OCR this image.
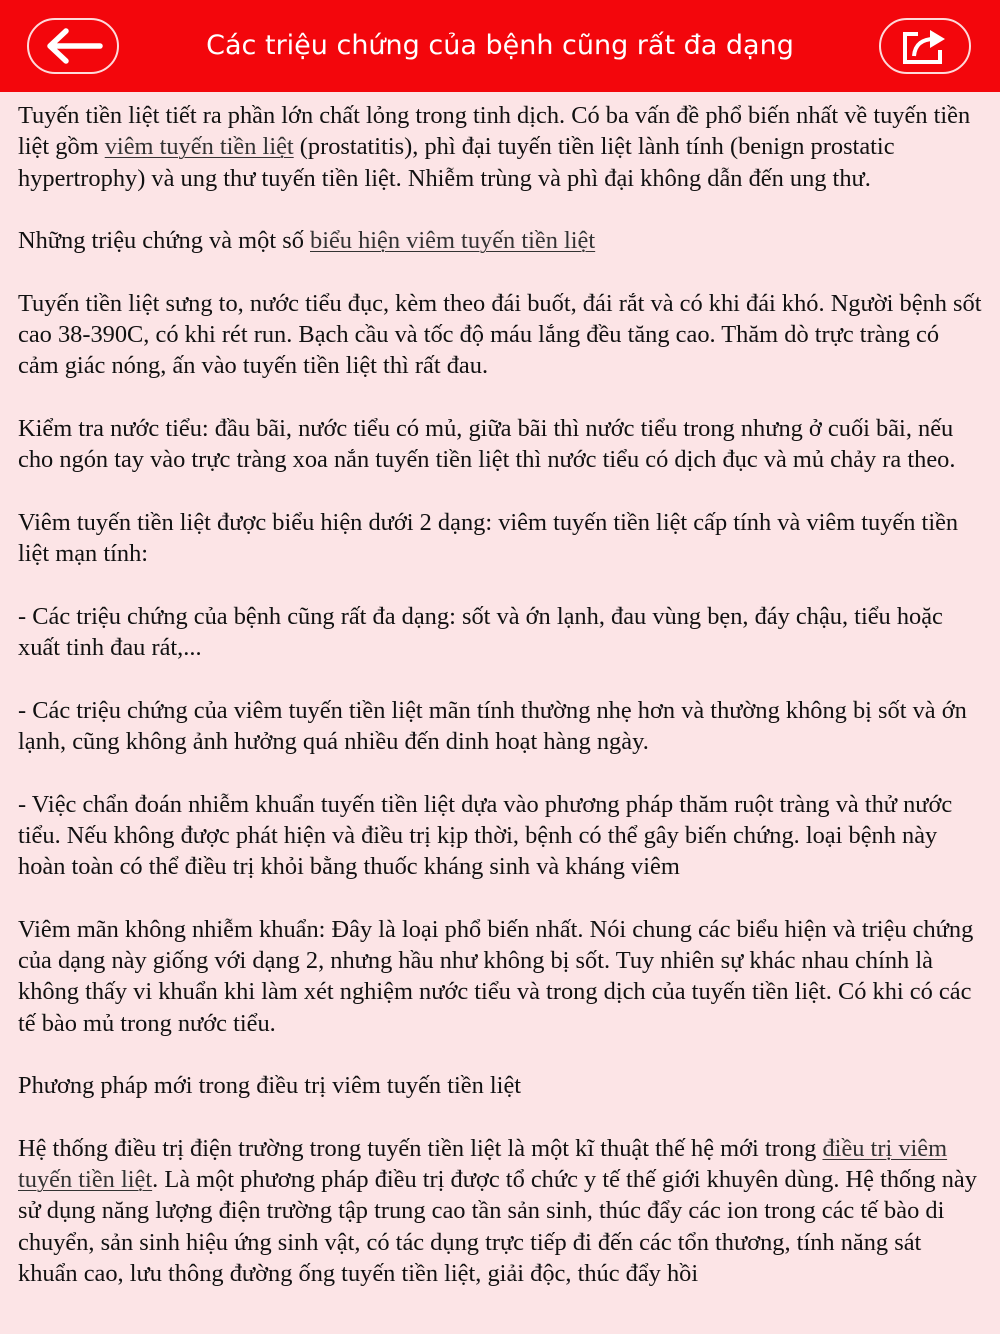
Các triệu chứng của bệnh cũng rất đa dạng

Tuyến tiền liệt tiết ra phần lớn chất lỏng trong tinh dịch. Có ba vấn đề phổ biến nhất về tuyến tiền liệt gồm viêm tuyến tiền liệt (prostatitis), phì đại tuyến tiền liệt lành tính (benign prostatic hypertrophy) và ung thư tuyến tiền liệt. Nhiễm trùng và phì đại không dẫn đến ung thư.

Những triệu chứng và một số biểu hiện viêm tuyến tiền liệt

Tuyến tiền liệt sưng to, nước tiểu đục, kèm theo đái buốt, đái rắt và có khi đái khó. Người bệnh sốt cao 38-390C, có khi rét run. Bạch cầu và tốc độ máu lắng đều tăng cao. Thăm dò trực tràng có cảm giác nóng, ấn vào tuyến tiền liệt thì rất đau.

Kiểm tra nước tiểu: đầu bãi, nước tiểu có mủ, giữa bãi thì nước tiểu trong nhưng ở cuối bãi, nếu cho ngón tay vào trực tràng xoa nắn tuyến tiền liệt thì nước tiểu có dịch đục và mủ chảy ra theo.

Viêm tuyến tiền liệt được biểu hiện dưới 2 dạng: viêm tuyến tiền liệt cấp tính và viêm tuyến tiền liệt mạn tính:

- Các triệu chứng của bệnh cũng rất đa dạng: sốt và ớn lạnh, đau vùng bẹn, đáy chậu, tiểu hoặc xuất tinh đau rát,...

- Các triệu chứng của viêm tuyến tiền liệt mãn tính thường nhẹ hơn và thường không bị sốt và ớn lạnh, cũng không ảnh hưởng quá nhiều đến dinh hoạt hàng ngày.

- Việc chẩn đoán nhiễm khuẩn tuyến tiền liệt dựa vào phương pháp thăm ruột tràng và thử nước tiểu. Nếu không được phát hiện và điều trị kịp thời, bệnh có thể gây biến chứng. loại bệnh này hoàn toàn có thể điều trị khỏi bằng thuốc kháng sinh và kháng viêm

Viêm mãn không nhiễm khuẩn: Đây là loại phổ biến nhất. Nói chung các biểu hiện và triệu chứng của dạng này giống với dạng 2, nhưng hầu như không bị sốt. Tuy nhiên sự khác nhau chính là không thấy vi khuẩn khi làm xét nghiệm nước tiểu và trong dịch của tuyến tiền liệt. Có khi có các tế bào mủ trong nước tiểu.

Phương pháp mới trong điều trị viêm tuyến tiền liệt

Hệ thống điều trị điện trường trong tuyến tiền liệt là một kĩ thuật thế hệ mới trong điều trị viêm tuyến tiền liệt. Là một phương pháp điều trị được tổ chức y tế thế giới khuyên dùng. Hệ thống này sử dụng năng lượng điện trường tập trung cao tần sản sinh, thúc đẩy các ion trong các tế bào di chuyển, sản sinh hiệu ứng sinh vật, có tác dụng trực tiếp đi đến các tổn thương, tính năng sát khuẩn cao, lưu thông đường ống tuyến tiền liệt, giải độc, thúc đẩy hồi
